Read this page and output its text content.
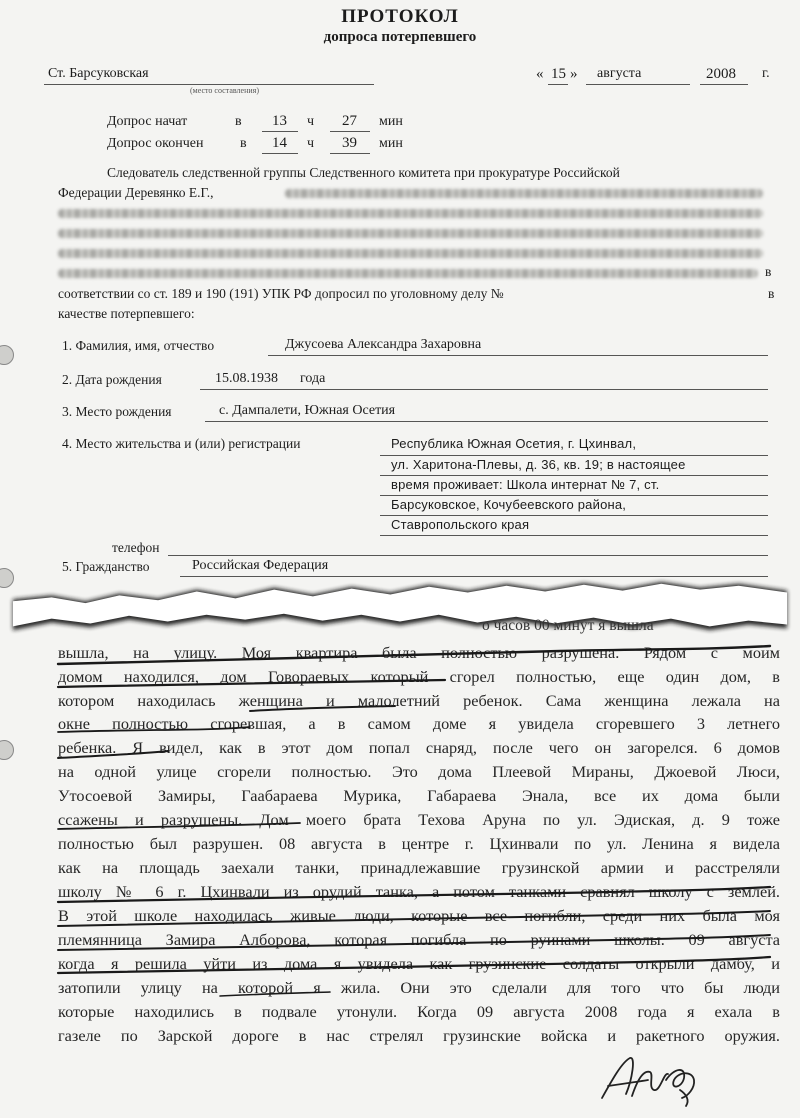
ПРОТОКОЛ
допроса потерпевшего
Ст. Барсуковская
(место составления)
« 15 » августа	2008 г.
Допрос начат	в 13 ч 27 мин
Допрос окончен	в 14 ч 39 мин
Следователь следственной группы Следственного комитета при прокуратуре Российской
Федерации Деревянко Е.Г.,
в
соответствии со ст. 189 и 190 (191) УПК РФ допросил по уголовному делу №	в
качестве потерпевшего:
1. Фамилия, имя, отчество	Джусоева Александра Захаровна
2. Дата рождения	15.08.1938 года
3. Место рождения	с. Дампалети, Южная Осетия
4. Место жительства и (или) регистрации	Республика Южная Осетия, г. Цхинвал,
ул. Харитона-Плевы, д. 36, кв. 19; в настоящее
время проживает: Школа интернат № 7, ст.
Барсуковское, Кочубеевского района,
Ставропольского края
телефон
5. Гражданство	Российская Федерация
о часов 00 минут я вышла
вышла, на улицу. Моя квартира была полностью разрушена. Рядом с моим
домом находился, дом Говораевых который сгорел полностью, еще один дом, в
котором находилась женщина и малолетний ребенок. Сама женщина лежала на
окне полностью сгоревшая, а в самом доме я увидела сгоревшего 3 летнего
ребенка. Я видел, как в этот дом попал снаряд, после чего он загорелся. 6 домов
на одной улице сгорели полностью. Это дома Плеевой Мираны, Джоевой Люси,
Утосоевой Замиры, Гаабараева Мурика, Габараева Энала, все их дома были
ссажены и разрушены. Дом моего брата Техова Аруна по ул. Эдиская, д. 9 тоже
полностью был разрушен. 08 августа в центре г. Цхинвали по ул. Ленина я видела
как на площадь заехали танки, принадлежавшие грузинской армии и расстреляли
школу № 6 г. Цхинвали из орудий танка, а потом танками сравнял школу с землей.
В этой школе находилась живые люди, которые все погибли, среди них была моя
племянница Замира Алборова, которая погибла по руинами школы. 09 августа
когда я решила уйти из дома я увидела как грузинские солдаты открыли дамбу, и
затопили улицу на которой я жила. Они это сделали для того что бы люди
которые находились в подвале утонули. Когда 09 августа 2008 года я ехала в
газеле по Зарской дороге в нас стрелял грузинские войска и ракетного оружия.
